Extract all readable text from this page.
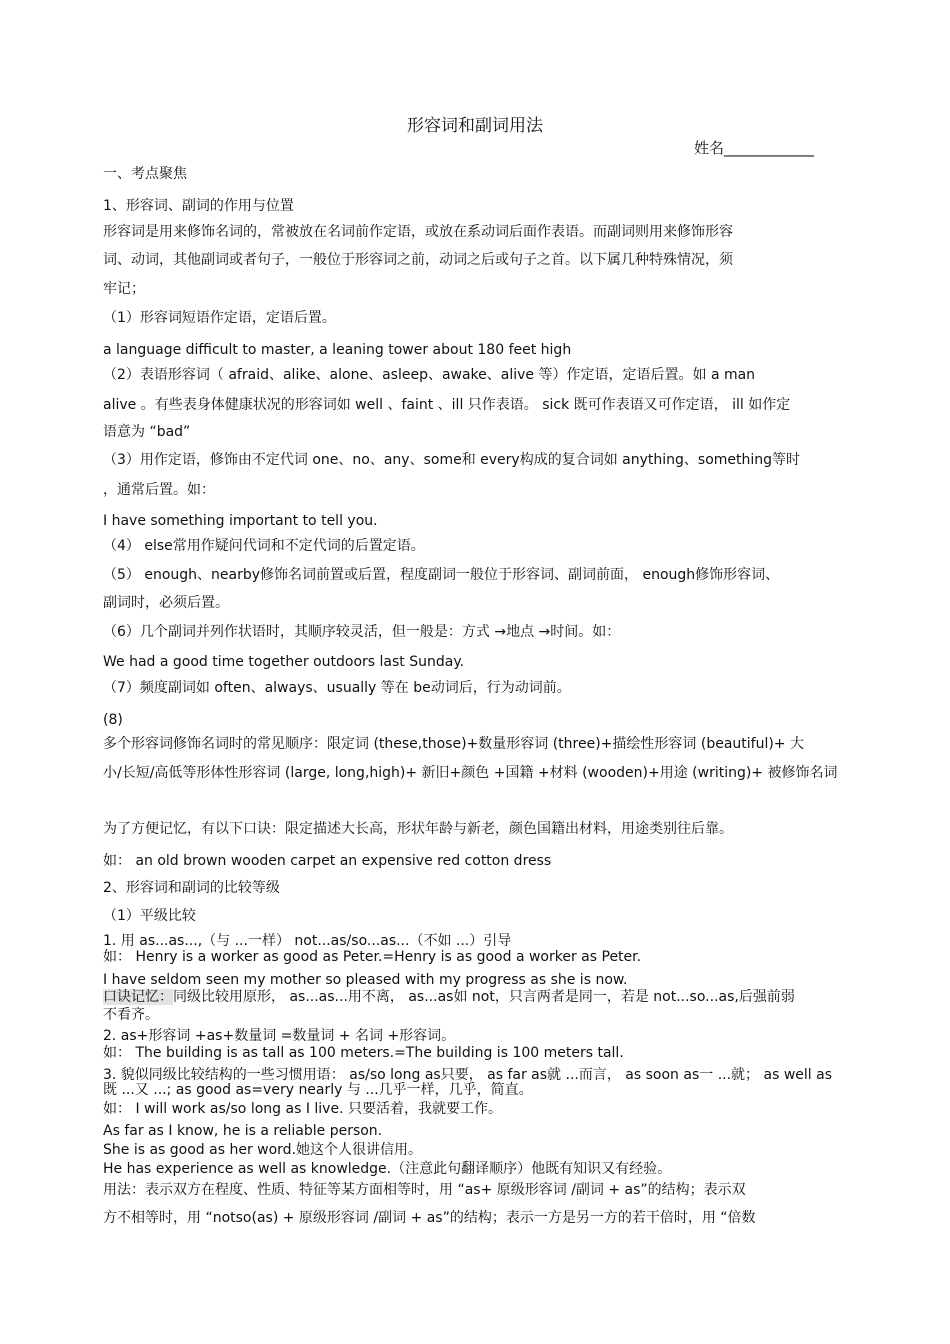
形容词和副词用法
姓名____________
一、考点聚焦
1、形容词、副词的作用与位置
形容词是用来修饰名词的，常被放在名词前作定语，或放在系动词后面作表语。而副词则用来修饰形容
词、动词，其他副词或者句子，一般位于形容词之前，动词之后或句子之首。以下属几种特殊情况，须
牢记；
（1）形容词短语作定语，定语后置。
a language difficult to master, a leaning tower about 180 feet high
（2）表语形容词（ afraid、alike、alone、asleep、awake、alive 等）作定语，定语后置。如 a man
alive 。有些表身体健康状况的形容词如 well 、faint 、ill 只作表语。 sick 既可作表语又可作定语， ill 如作定
语意为 “bad”
（3）用作定语，修饰由不定代词 one、no、any、some和 every构成的复合词如 anything、something等时
，通常后置。如：
I have something important to tell you.
（4） else常用作疑问代词和不定代词的后置定语。
（5） enough、nearby修饰名词前置或后置，程度副词一般位于形容词、副词前面， enough修饰形容词、
副词时，必须后置。
（6）几个副词并列作状语时，其顺序较灵活，但一般是：方式 →地点 →时间。如：
We had a good time together outdoors last Sunday.
（7）频度副词如 often、always、usually 等在 be动词后，行为动词前。
(8)
多个形容词修饰名词时的常见顺序：限定词 (these,those)+数量形容词 (three)+描绘性形容词 (beautiful)+ 大
小/长短/高低等形体性形容词 (large, long,high)+ 新旧+颜色 +国籍 +材料 (wooden)+用途 (writing)+ 被修饰名词
为了方便记忆，有以下口诀：限定描述大长高，形状年龄与新老，颜色国籍出材料，用途类别往后靠。
如： an old brown wooden carpet an expensive red cotton dress
2、形容词和副词的比较等级
（1）平级比较
1. 用 as...as...,（与 ...一样） not...as/so...as...（不如 ...）引导
如： Henry is a worker as good as Peter.=Henry is as good a worker as Peter.
I have seldom seen my mother so pleased with my progress as she is now.
口诀记忆：同级比较用原形， as...as...用不离， as...as如 not，只言两者是同一，若是 not...so...as,后强前弱
不看齐。
2. as+形容词 +as+数量词 =数量词 + 名词 +形容词。
如： The building is as tall as 100 meters.=The building is 100 meters tall.
3. 貌似同级比较结构的一些习惯用语： as/so long as只要， as far as就 ...而言， as soon as一 ...就； as well as
既 ...又 ...; as good as=very nearly 与 ...几乎一样，几乎，简直。
如： I will work as/so long as I live. 只要活着，我就要工作。
As far as I know, he is a reliable person.
She is as good as her word.她这个人很讲信用。
He has experience as well as knowledge.（注意此句翻译顺序）他既有知识又有经验。
用法：表示双方在程度、性质、特征等某方面相等时，用 “as+ 原级形容词 /副词 + as”的结构；表示双
方不相等时，用 “notso(as) + 原级形容词 /副词 + as”的结构；表示一方是另一方的若干倍时，用 “倍数
